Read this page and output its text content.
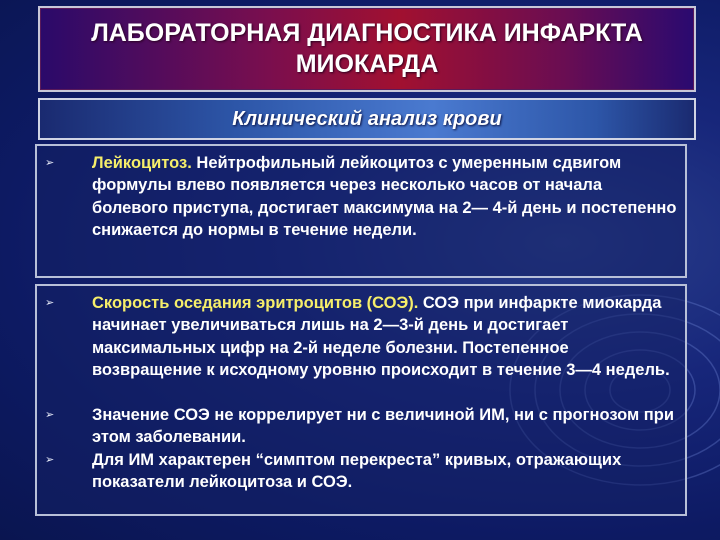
ЛАБОРАТОРНАЯ ДИАГНОСТИКА ИНФАРКТА МИОКАРДА
Клинический анализ крови
➢ Лейкоцитоз. Нейтрофильный лейкоцитоз с умеренным сдвигом формулы влево появляется через несколько часов от начала болевого приступа, достигает максимума на 2— 4-й день и постепенно снижается до нормы в течение недели.
➢ Скорость оседания эритроцитов (СОЭ). СОЭ при инфаркте миокарда начинает увеличиваться лишь на 2—3-й день и достигает максимальных цифр на 2-й неделе болезни. Постепенное возвращение к исходному уровню происходит в течение 3—4 недель.
➢ Значение СОЭ не коррелирует ни с величиной ИМ, ни с прогнозом при этом заболевании.
➢ Для ИМ характерен “симптом перекреста” кривых, отражающих показатели лейкоцитоза и СОЭ.
